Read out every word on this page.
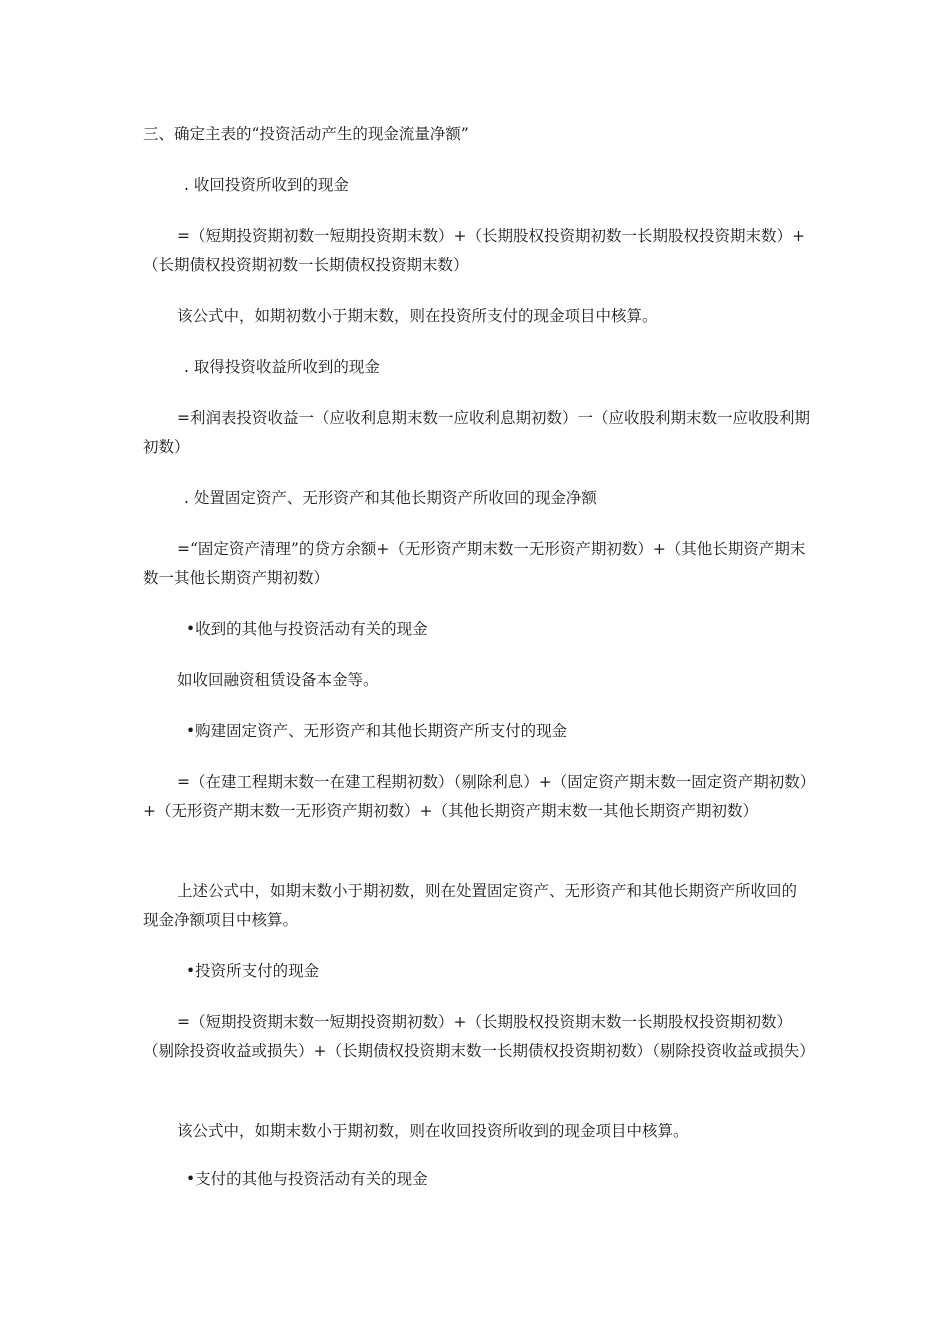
三、确定主表的“投资活动产生的现金流量净额”
. 收回投资所收到的现金
=（短期投资期初数一短期投资期末数）+（长期股权投资期初数一长期股权投资期末数）+（长期债权投资期初数一长期债权投资期末数）
该公式中，如期初数小于期末数，则在投资所支付的现金项目中核算。
. 取得投资收益所收到的现金
=利润表投资收益一（应收利息期末数一应收利息期初数）一（应收股利期末数一应收股利期初数）
. 处置固定资产、无形资产和其他长期资产所收回的现金净额
=“固定资产清理”的贷方余额+（无形资产期末数一无形资产期初数）+（其他长期资产期末数一其他长期资产期初数）
•收到的其他与投资活动有关的现金
如收回融资租赁设备本金等。
•购建固定资产、无形资产和其他长期资产所支付的现金
=（在建工程期末数一在建工程期初数）（剔除利息）+（固定资产期末数一固定资产期初数）+（无形资产期末数一无形资产期初数）+（其他长期资产期末数一其他长期资产期初数）
上述公式中，如期末数小于期初数，则在处置固定资产、无形资产和其他长期资产所收回的现金净额项目中核算。
•投资所支付的现金
=（短期投资期末数一短期投资期初数）+（长期股权投资期末数一长期股权投资期初数）（剔除投资收益或损失）+（长期债权投资期末数一长期债权投资期初数）（剔除投资收益或损失）
该公式中，如期末数小于期初数，则在收回投资所收到的现金项目中核算。
•支付的其他与投资活动有关的现金
